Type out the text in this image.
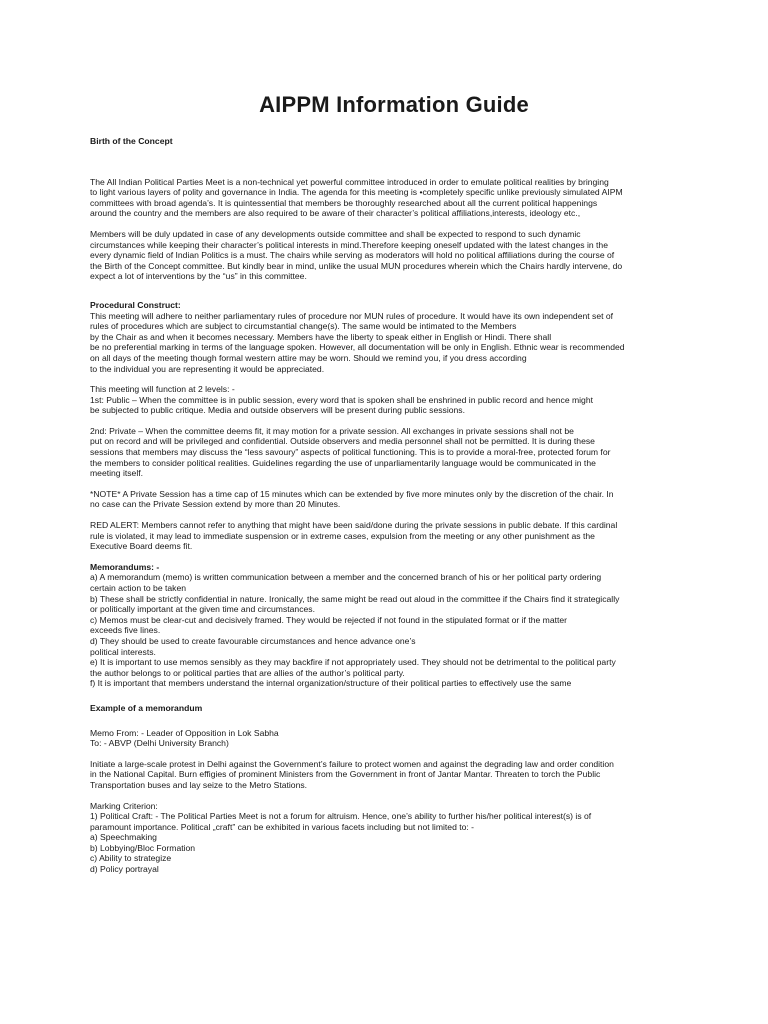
AIPPM Information Guide
Birth of the Concept

The All Indian Political Parties Meet is a non-technical yet powerful committee introduced in order to emulate political realities by bringing
to light various layers of polity and governance in India. The agenda for this meeting is •completely specific unlike previously simulated AIPM
committees with broad agenda’s. It is quintessential that members be thoroughly researched about all the current political happenings
around the country and the members are also required to be aware of their character’s political affiliations,interests, ideology etc.,

Members will be duly updated in case of any developments outside committee and shall be expected to respond to such dynamic
circumstances while keeping their character’s political interests in mind.Therefore keeping oneself updated with the latest changes in the
every dynamic field of Indian Politics is a must. The chairs while serving as moderators will hold no political affiliations during the course of
the Birth of the Concept committee. But kindly bear in mind, unlike the usual MUN procedures wherein which the Chairs hardly intervene, do
expect a lot of interventions by the “us” in this committee.

Procedural Construct:
This meeting will adhere to neither parliamentary rules of procedure nor MUN rules of procedure. It would have its own independent set of
rules of procedures which are subject to circumstantial change(s). The same would be intimated to the Members
by the Chair as and when it becomes necessary. Members have the liberty to speak either in English or Hindi. There shall
be no preferential marking in terms of the language spoken. However, all documentation will be only in English. Ethnic wear is recommended
on all days of the meeting though formal western attire may be worn. Should we remind you, if you dress according
to the individual you are representing it would be appreciated.

This meeting will function at 2 levels: -
1st: Public – When the committee is in public session, every word that is spoken shall be enshrined in public record and hence might
be subjected to public critique. Media and outside observers will be present during public sessions.

2nd: Private – When the committee deems fit, it may motion for a private session. All exchanges in private sessions shall not be
put on record and will be privileged and confidential. Outside observers and media personnel shall not be permitted. It is during these
sessions that members may discuss the “less savoury” aspects of political functioning. This is to provide a moral-free, protected forum for
the members to consider political realities. Guidelines regarding the use of unparliamentarily language would be communicated in the
meeting itself.

*NOTE* A Private Session has a time cap of 15 minutes which can be extended by five more minutes only by the discretion of the chair. In
no case can the Private Session extend by more than 20 Minutes.

RED ALERT: Members cannot refer to anything that might have been said/done during the private sessions in public debate. If this cardinal
rule is violated, it may lead to immediate suspension or in extreme cases, expulsion from the meeting or any other punishment as the
Executive Board deems fit.

Memorandums: -
a) A memorandum (memo) is written communication between a member and the concerned branch of his or her political party ordering
certain action to be taken
b) These shall be strictly confidential in nature. Ironically, the same might be read out aloud in the committee if the Chairs find it strategically
or politically important at the given time and circumstances.
c) Memos must be clear-cut and decisively framed. They would be rejected if not found in the stipulated format or if the matter
exceeds five lines.
d) They should be used to create favourable circumstances and hence advance one’s
political interests.
e) It is important to use memos sensibly as they may backfire if not appropriately used. They should not be detrimental to the political party
the author belongs to or political parties that are allies of the author’s political party.
f) It is important that members understand the internal organization/structure of their political parties to effectively use the same

Example of a memorandum

Memo From: - Leader of Opposition in Lok Sabha
To: - ABVP (Delhi University Branch)

Initiate a large-scale protest in Delhi against the Government’s failure to protect women and against the degrading law and order condition
in the National Capital. Burn effigies of prominent Ministers from the Government in front of Jantar Mantar. Threaten to torch the Public
Transportation buses and lay seize to the Metro Stations.

Marking Criterion:
1) Political Craft: - The Political Parties Meet is not a forum for altruism. Hence, one’s ability to further his/her political interest(s) is of
paramount importance. Political „craft” can be exhibited in various facets including but not limited to: -
a) Speechmaking
b) Lobbying/Bloc Formation
c) Ability to strategize
d) Policy portrayal
